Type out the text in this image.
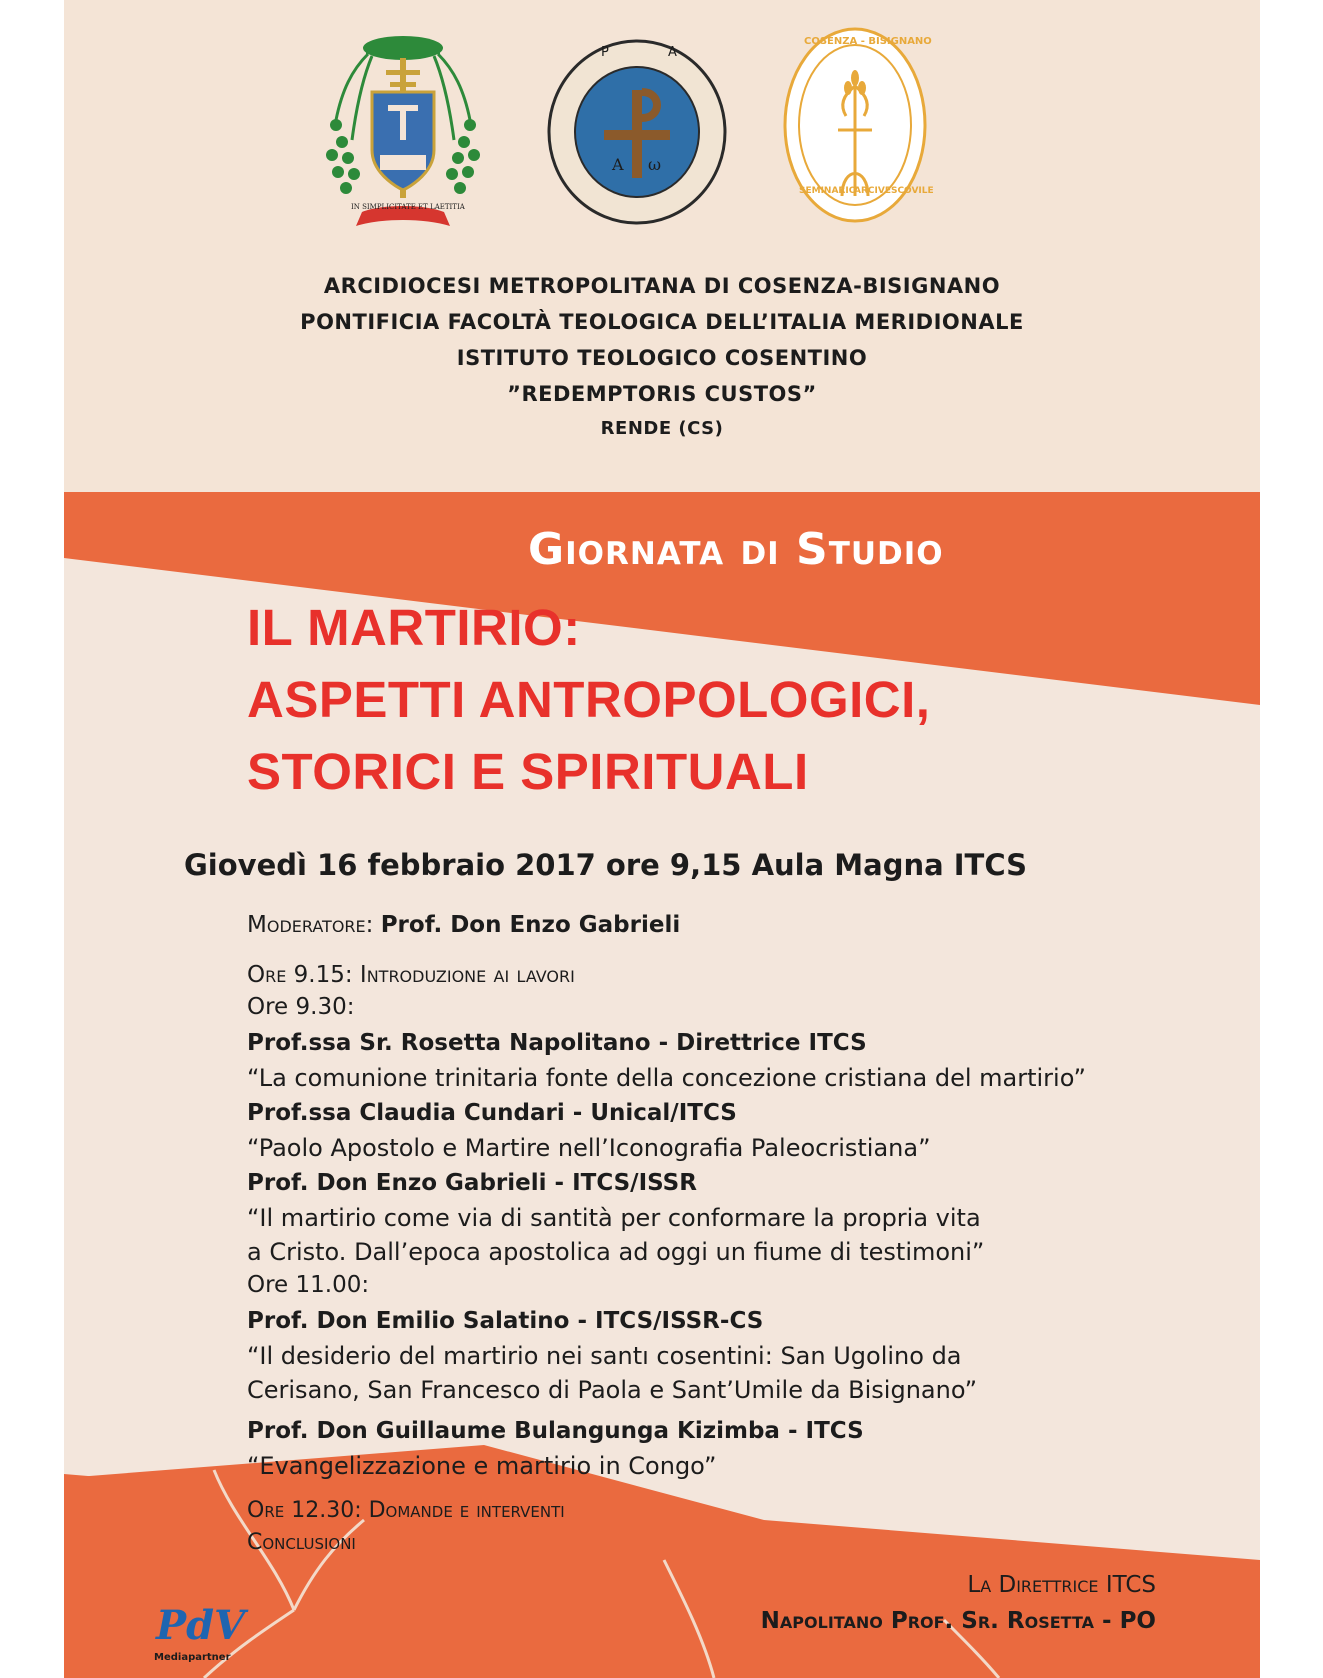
IN SIMPLICITATE ET LAETITIA
A ω
P	A
COSENZA - BISIGNANO
SEMINARIO
ARCIVESCOVILE
ARCIDIOCESI METROPOLITANA DI COSENZA-BISIGNANO
PONTIFICIA FACOLTÀ TEOLOGICA DELL’ITALIA MERIDIONALE
ISTITUTO TEOLOGICO COSENTINO
”REDEMPTORIS CUSTOS”
RENDE (CS)
Giornata di Studio
IL MARTIRIO:
ASPETTI ANTROPOLOGICI,
STORICI E SPIRITUALI
Giovedì 16 febbraio 2017 ore 9,15 Aula Magna ITCS
Moderatore: Prof. Don Enzo Gabrieli
Ore 9.15: Introduzione ai lavori
Ore 9.30:
Prof.ssa Sr. Rosetta Napolitano - Direttrice ITCS
“La comunione trinitaria fonte della concezione cristiana del martirio”
Prof.ssa Claudia Cundari - Unical/ITCS
“Paolo Apostolo e Martire nell’Iconografia Paleocristiana”
Prof. Don Enzo Gabrieli - ITCS/ISSR
“Il martirio come via di santità per conformare la propria vita
a Cristo. Dall’epoca apostolica ad oggi un fiume di testimoni”
Ore 11.00:
Prof. Don Emilio Salatino - ITCS/ISSR-CS
“Il desiderio del martirio nei santı cosentini: San Ugolino da
Cerisano, San Francesco di Paola e Sant’Umile da Bisignano”
Prof. Don Guillaume Bulangunga Kizimba - ITCS
“Evangelizzazione e martirio in Congo”
Ore 12.30: Domande e interventi
Conclusioni
La Direttrice ITCS
Napolitano Prof. Sr. Rosetta - PO
PdV
Mediapartner
